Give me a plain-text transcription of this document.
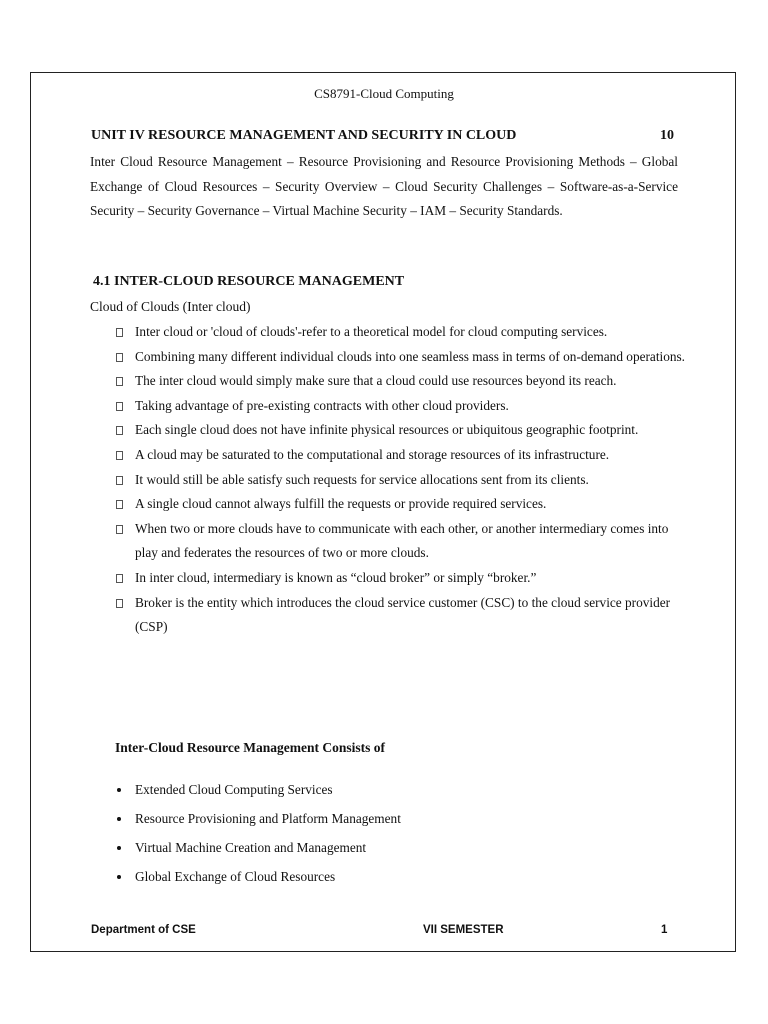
CS8791-Cloud Computing
UNIT IV RESOURCE MANAGEMENT AND SECURITY IN CLOUD	10
Inter Cloud Resource Management – Resource Provisioning and Resource Provisioning Methods – Global Exchange of Cloud Resources – Security Overview – Cloud Security Challenges – Software-as-a-Service Security – Security Governance – Virtual Machine Security – IAM – Security Standards.
4.1 INTER-CLOUD RESOURCE MANAGEMENT
Cloud of Clouds (Inter cloud)
Inter cloud or 'cloud of clouds'-refer to a theoretical model for cloud computing services.
Combining many different individual clouds into one seamless mass in terms of on-demand operations.
The inter cloud would simply make sure that a cloud could use resources beyond its reach.
Taking advantage of pre-existing contracts with other cloud providers.
Each single cloud does not have infinite physical resources or ubiquitous geographic footprint.
A cloud may be saturated to the computational and storage resources of its infrastructure.
It would still be able satisfy such requests for service allocations sent from its clients.
A single cloud cannot always fulfill the requests or provide required services.
When two or more clouds have to communicate with each other, or another intermediary comes into play and federates the resources of two or more clouds.
In inter cloud, intermediary is known as “cloud broker” or simply “broker.”
Broker is the entity which introduces the cloud service customer (CSC) to the cloud service provider (CSP)
Inter-Cloud Resource Management Consists of
Extended Cloud Computing Services
Resource Provisioning and Platform Management
Virtual Machine Creation and Management
Global Exchange of Cloud Resources
Department of CSE	VII SEMESTER	1
